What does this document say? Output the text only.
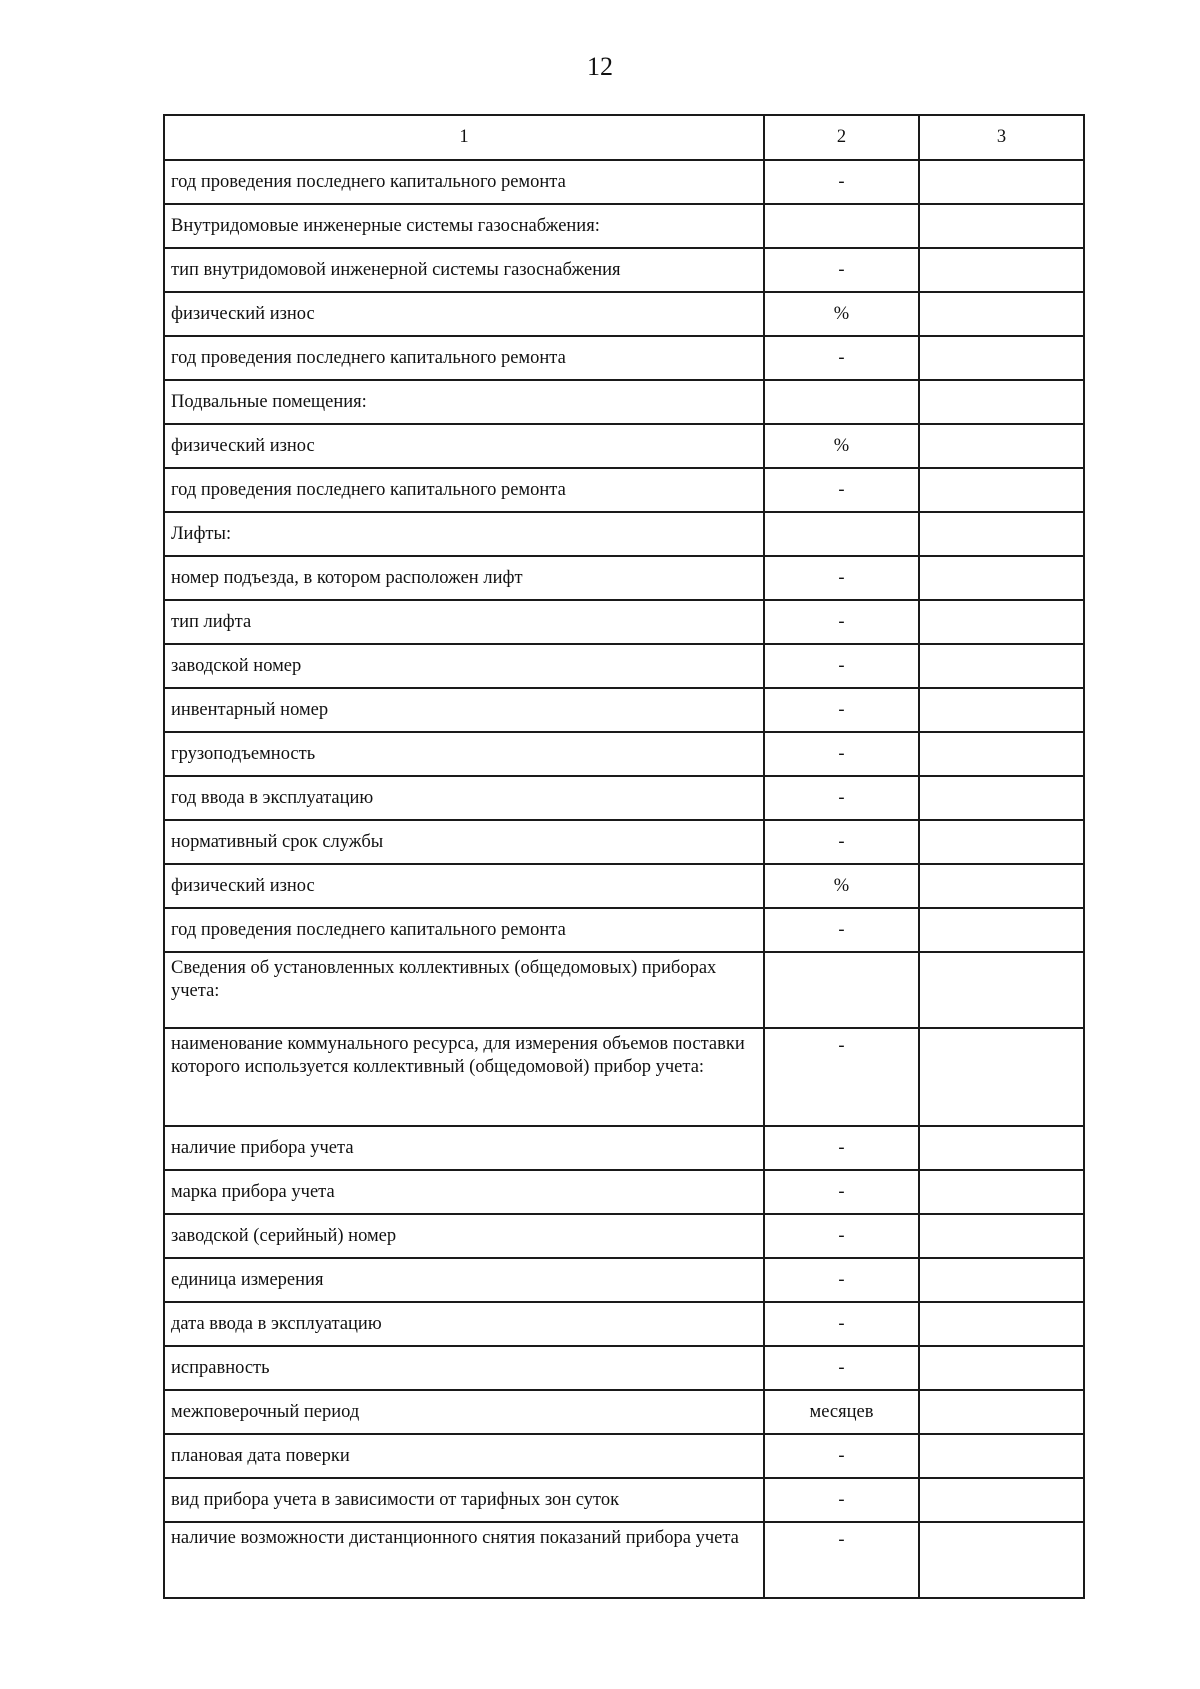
12
1	2	3
год проведения последнего капитального ремонта	-	
Внутридомовые инженерные системы газоснабжения:		
тип внутридомовой инженерной системы газоснабжения	-	
физический износ	%	
год проведения последнего капитального ремонта	-	
Подвальные помещения:		
физический износ	%	
год проведения последнего капитального ремонта	-	
Лифты:		
номер подъезда, в котором расположен лифт	-	
тип лифта	-	
заводской номер	-	
инвентарный номер	-	
грузоподъемность	-	
год ввода в эксплуатацию	-	
нормативный срок службы	-	
физический износ	%	
год проведения последнего капитального ремонта	-	
Сведения об установленных коллективных (общедомовых) приборах учета:		
наименование коммунального ресурса, для измерения объемов поставки которого используется коллективный (общедомовой) прибор учета:	-	
наличие прибора учета	-	
марка прибора учета	-	
заводской (серийный) номер	-	
единица измерения	-	
дата ввода в эксплуатацию	-	
исправность	-	
межповерочный период	месяцев	
плановая дата поверки	-	
вид прибора учета в зависимости от тарифных зон суток	-	
наличие возможности дистанционного снятия показаний прибора учета	-	
